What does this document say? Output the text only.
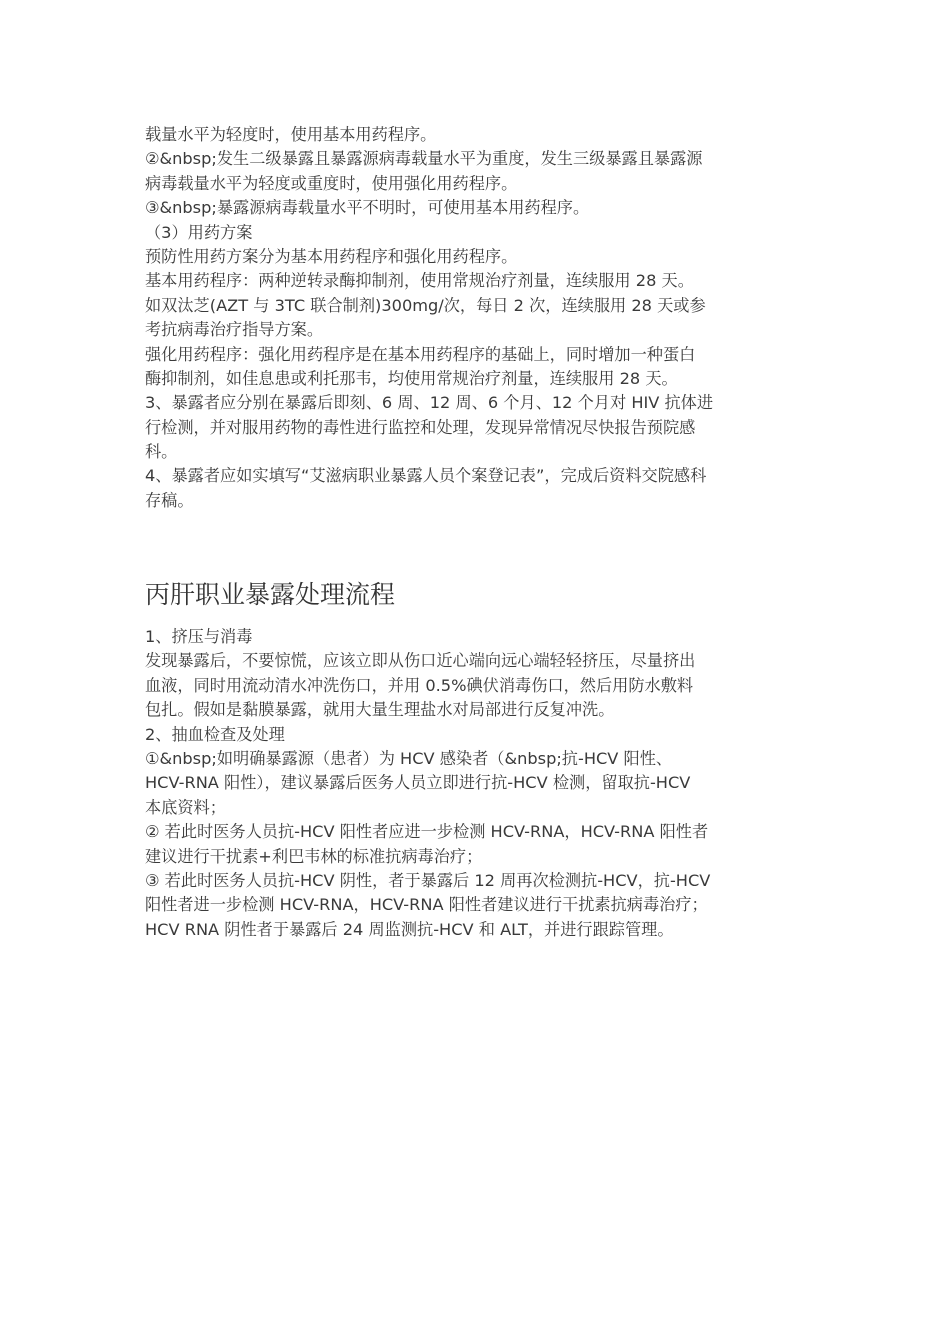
载量水平为轻度时，使用基本用药程序。
②&nbsp;发生二级暴露且暴露源病毒载量水平为重度，发生三级暴露且暴露源
病毒载量水平为轻度或重度时，使用强化用药程序。
③&nbsp;暴露源病毒载量水平不明时，可使用基本用药程序。
（3）用药方案
预防性用药方案分为基本用药程序和强化用药程序。
基本用药程序：两种逆转录酶抑制剂，使用常规治疗剂量，连续服用 28 天。
如双汰芝(AZT 与 3TC 联合制剂)300mg/次，每日 2 次，连续服用 28 天或参
考抗病毒治疗指导方案。
强化用药程序：强化用药程序是在基本用药程序的基础上，同时增加一种蛋白
酶抑制剂，如佳息患或利托那韦，均使用常规治疗剂量，连续服用 28 天。
3、暴露者应分别在暴露后即刻、6 周、12 周、6 个月、12 个月对 HIV 抗体进
行检测，并对服用药物的毒性进行监控和处理，发现异常情况尽快报告预院感
科。
4、暴露者应如实填写“艾滋病职业暴露人员个案登记表”，完成后资料交院感科
存稿。
丙肝职业暴露处理流程
1、挤压与消毒
发现暴露后，不要惊慌，应该立即从伤口近心端向远心端轻轻挤压，尽量挤出
血液，同时用流动清水冲洗伤口，并用 0.5%碘伏消毒伤口，然后用防水敷料
包扎。假如是黏膜暴露，就用大量生理盐水对局部进行反复冲洗。
2、抽血检查及处理
①&nbsp;如明确暴露源（患者）为 HCV 感染者（&nbsp;抗-HCV 阳性、
HCV-RNA 阳性），建议暴露后医务人员立即进行抗-HCV 检测，留取抗-HCV
本底资料；
② 若此时医务人员抗-HCV 阳性者应进一步检测 HCV-RNA，HCV-RNA 阳性者
建议进行干扰素+利巴韦林的标准抗病毒治疗；
③ 若此时医务人员抗-HCV 阴性，者于暴露后 12 周再次检测抗-HCV，抗-HCV
阳性者进一步检测 HCV-RNA，HCV-RNA 阳性者建议进行干扰素抗病毒治疗；
HCV RNA 阴性者于暴露后 24 周监测抗-HCV 和 ALT，并进行跟踪管理。
